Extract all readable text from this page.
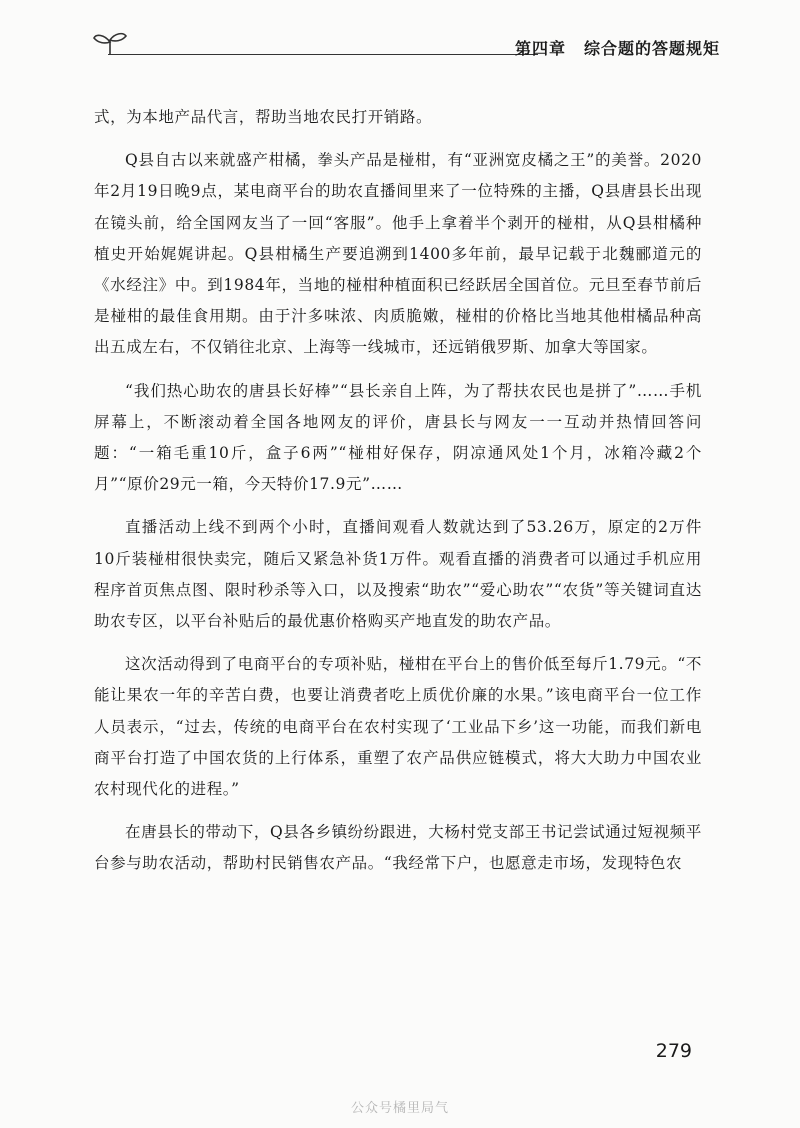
第四章 综合题的答题规矩

式，为本地产品代言，帮助当地农民打开销路。

Q县自古以来就盛产柑橘，拳头产品是椪柑，有“亚洲宽皮橘之王”的美誉。2020年2月19日晚9点，某电商平台的助农直播间里来了一位特殊的主播，Q县唐县长出现在镜头前，给全国网友当了一回“客服”。他手上拿着半个剥开的椪柑，从Q县柑橘种植史开始娓娓讲起。Q县柑橘生产要追溯到1400多年前，最早记载于北魏郦道元的《水经注》中。到1984年，当地的椪柑种植面积已经跃居全国首位。元旦至春节前后是椪柑的最佳食用期。由于汁多味浓、肉质脆嫩，椪柑的价格比当地其他柑橘品种高出五成左右，不仅销往北京、上海等一线城市，还远销俄罗斯、加拿大等国家。

“我们热心助农的唐县长好棒”“县长亲自上阵，为了帮扶农民也是拼了”……手机屏幕上，不断滚动着全国各地网友的评价，唐县长与网友一一互动并热情回答问题：“一箱毛重10斤，盒子6两”“椪柑好保存，阴凉通风处1个月，冰箱冷藏2个月”“原价29元一箱，今天特价17.9元”……

直播活动上线不到两个小时，直播间观看人数就达到了53.26万，原定的2万件10斤装椪柑很快卖完，随后又紧急补货1万件。观看直播的消费者可以通过手机应用程序首页焦点图、限时秒杀等入口，以及搜索“助农”“爱心助农”“农货”等关键词直达助农专区，以平台补贴后的最优惠价格购买产地直发的助农产品。

这次活动得到了电商平台的专项补贴，椪柑在平台上的售价低至每斤1.79元。“不能让果农一年的辛苦白费，也要让消费者吃上质优价廉的水果。”该电商平台一位工作人员表示，“过去，传统的电商平台在农村实现了‘工业品下乡’这一功能，而我们新电商平台打造了中国农货的上行体系，重塑了农产品供应链模式，将大大助力中国农业农村现代化的进程。”

在唐县长的带动下，Q县各乡镇纷纷跟进，大杨村党支部王书记尝试通过短视频平台参与助农活动，帮助村民销售农产品。“我经常下户，也愿意走市场，发现特色农

279
公众号橘里局气
